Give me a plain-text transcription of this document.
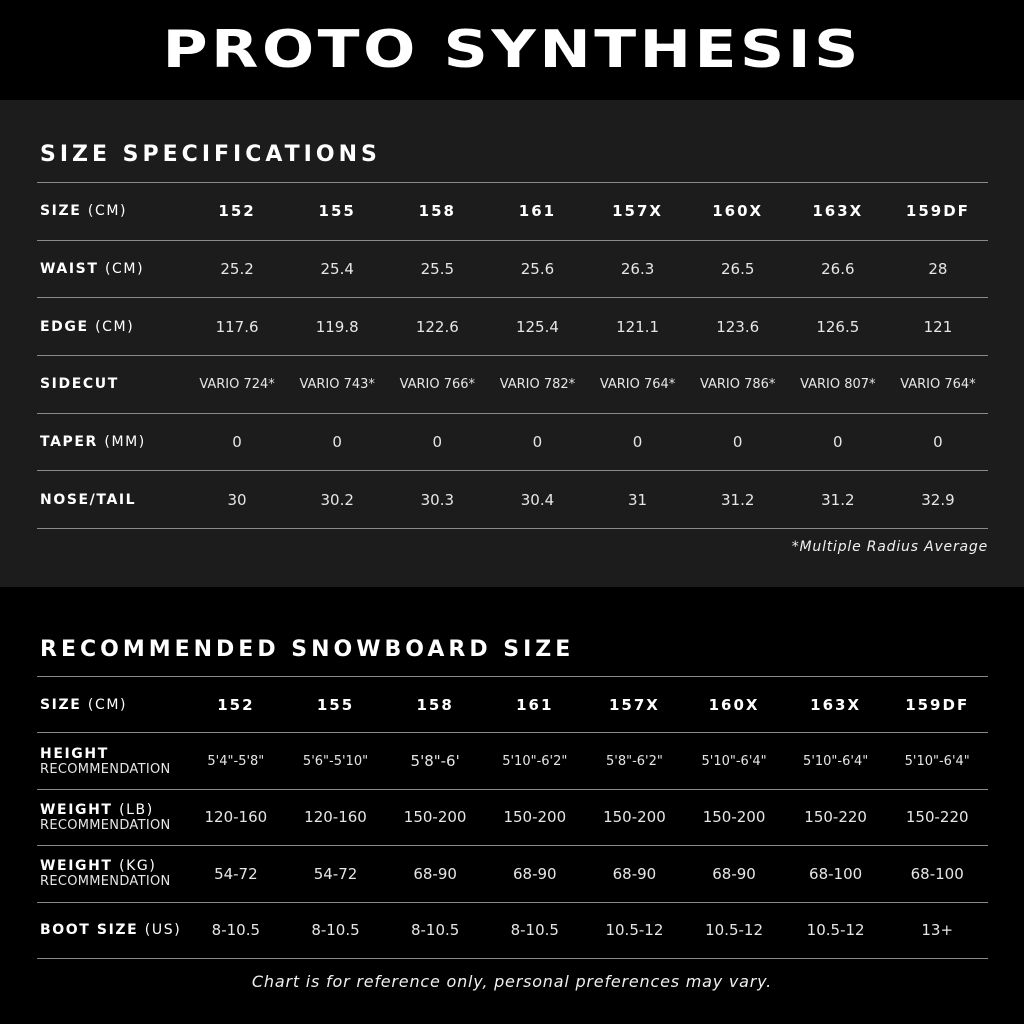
PROTO SYNTHESIS
SIZE SPECIFICATIONS
SIZE (CM)	152	155	158	161	157X	160X	163X	159DF
WAIST (CM)	25.2	25.4	25.5	25.6	26.3	26.5	26.6	28
EDGE (CM)	117.6	119.8	122.6	125.4	121.1	123.6	126.5	121
SIDECUT	VARIO 724*	VARIO 743*	VARIO 766*	VARIO 782*	VARIO 764*	VARIO 786*	VARIO 807*	VARIO 764*
TAPER (MM)	0	0	0	0	0	0	0	0
NOSE/TAIL	30	30.2	30.3	30.4	31	31.2	31.2	32.9
*Multiple Radius Average
RECOMMENDED SNOWBOARD SIZE
SIZE (CM)	152	155	158	161	157X	160X	163X	159DF
HEIGHT
RECOMMENDATION	5'4"-5'8"	5'6"-5'10"	5'8"-6'	5'10"-6'2"	5'8"-6'2"	5'10"-6'4"	5'10"-6'4"	5'10"-6'4"
WEIGHT (LB)
RECOMMENDATION	120-160	120-160	150-200	150-200	150-200	150-200	150-220	150-220
WEIGHT (KG)
RECOMMENDATION	54-72	54-72	68-90	68-90	68-90	68-90	68-100	68-100
BOOT SIZE (US)	8-10.5	8-10.5	8-10.5	8-10.5	10.5-12	10.5-12	10.5-12	13+
Chart is for reference only, personal preferences may vary.
